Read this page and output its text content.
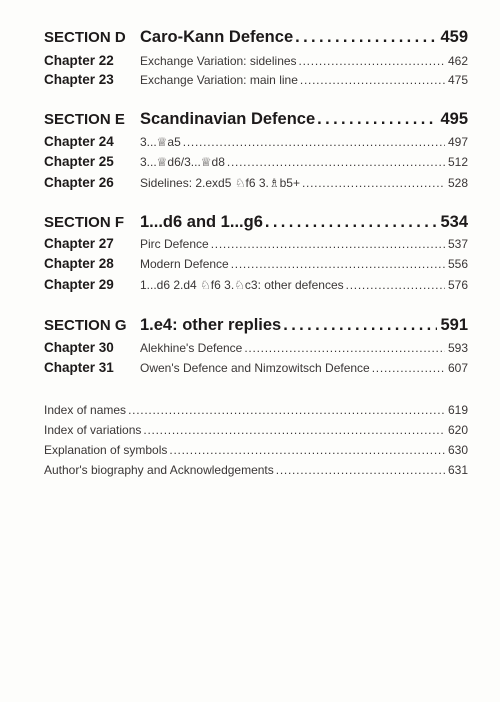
SECTION D Caro-Kann Defence . . .	459
Chapter 22	Exchange Variation: sidelines . . .	462
Chapter 23	Exchange Variation: main line . . .	475
SECTION E Scandinavian Defence . . .	495
Chapter 24	3...♕a5 . . .	497
Chapter 25	3...♕d6/3...♕d8 . . .	512
Chapter 26	Sidelines: 2.exd5 ♘f6 3.♗b5+ . . .	528
SECTION F 1...d6 and 1...g6 . . .	534
Chapter 27	Pirc Defence . . .	537
Chapter 28	Modern Defence . . .	556
Chapter 29	1...d6 2.d4 ♘f6 3.♘c3: other defences . . .	576
SECTION G 1.e4: other replies . . .	591
Chapter 30	Alekhine's Defence . . .	593
Chapter 31	Owen's Defence and Nimzowitsch Defence . . .	607
Index of names . . .	619
Index of variations . . .	620
Explanation of symbols . . .	630
Author's biography and Acknowledgements . . .	631
